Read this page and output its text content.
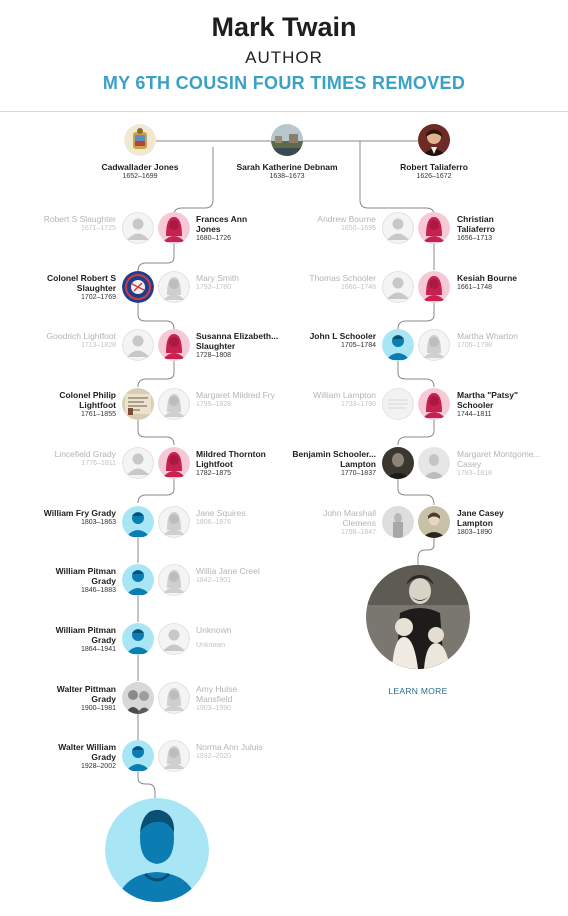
Mark Twain
AUTHOR
MY 6TH COUSIN FOUR TIMES REMOVED
Cadwallader Jones
1652–1699
Sarah Katherine Debnam
1638–1673
Robert Taliaferro
1626–1672
Robert S Slaughter
1671–1725
Frances Ann Jones
1680–1726
Colonel Robert S Slaughter
1702–1769
Mary Smith
1793–1780
Goodrich Lightfoot
1713–1828
Susanna Elizabeth... Slaughter
1728–1808
Colonel Philip Lightfoot
1761–1855
Margaret Mildred Fry
1795–1828
Lincefield Grady
1776–1811
Mildred Thornton Lightfoot
1782–1875
William Fry Grady
1803–1863
Jane Squires
1806–1876
William Pitman Grady
1846–1883
Willia Jane Creel
1842–1901
William Pitman Grady
1864–1941
Unknown
Unknown
Walter Pittman Grady
1900–1981
Amy Hulse Mansfield
1903–1990
Walter William Grady
1928–2002
Norma Ann Juluis
1932–2020
Andrew Bourne
1650–1695
Christian Taliaferro
1656–1713
Thomas Schooler
1660–1748
Kesiah Bourne
1661–1748
John L Schooler
1705–1784
Martha Wharton
1705–1798
William Lampton
1733–1790
Martha "Patsy" Schooler
1744–1811
Benjamin Schooler... Lampton
1770–1837
Margaret Montgome... Casey
1783–1818
John Marshall Clemens
1798–1847
Jane Casey Lampton
1803–1890
LEARN MORE
